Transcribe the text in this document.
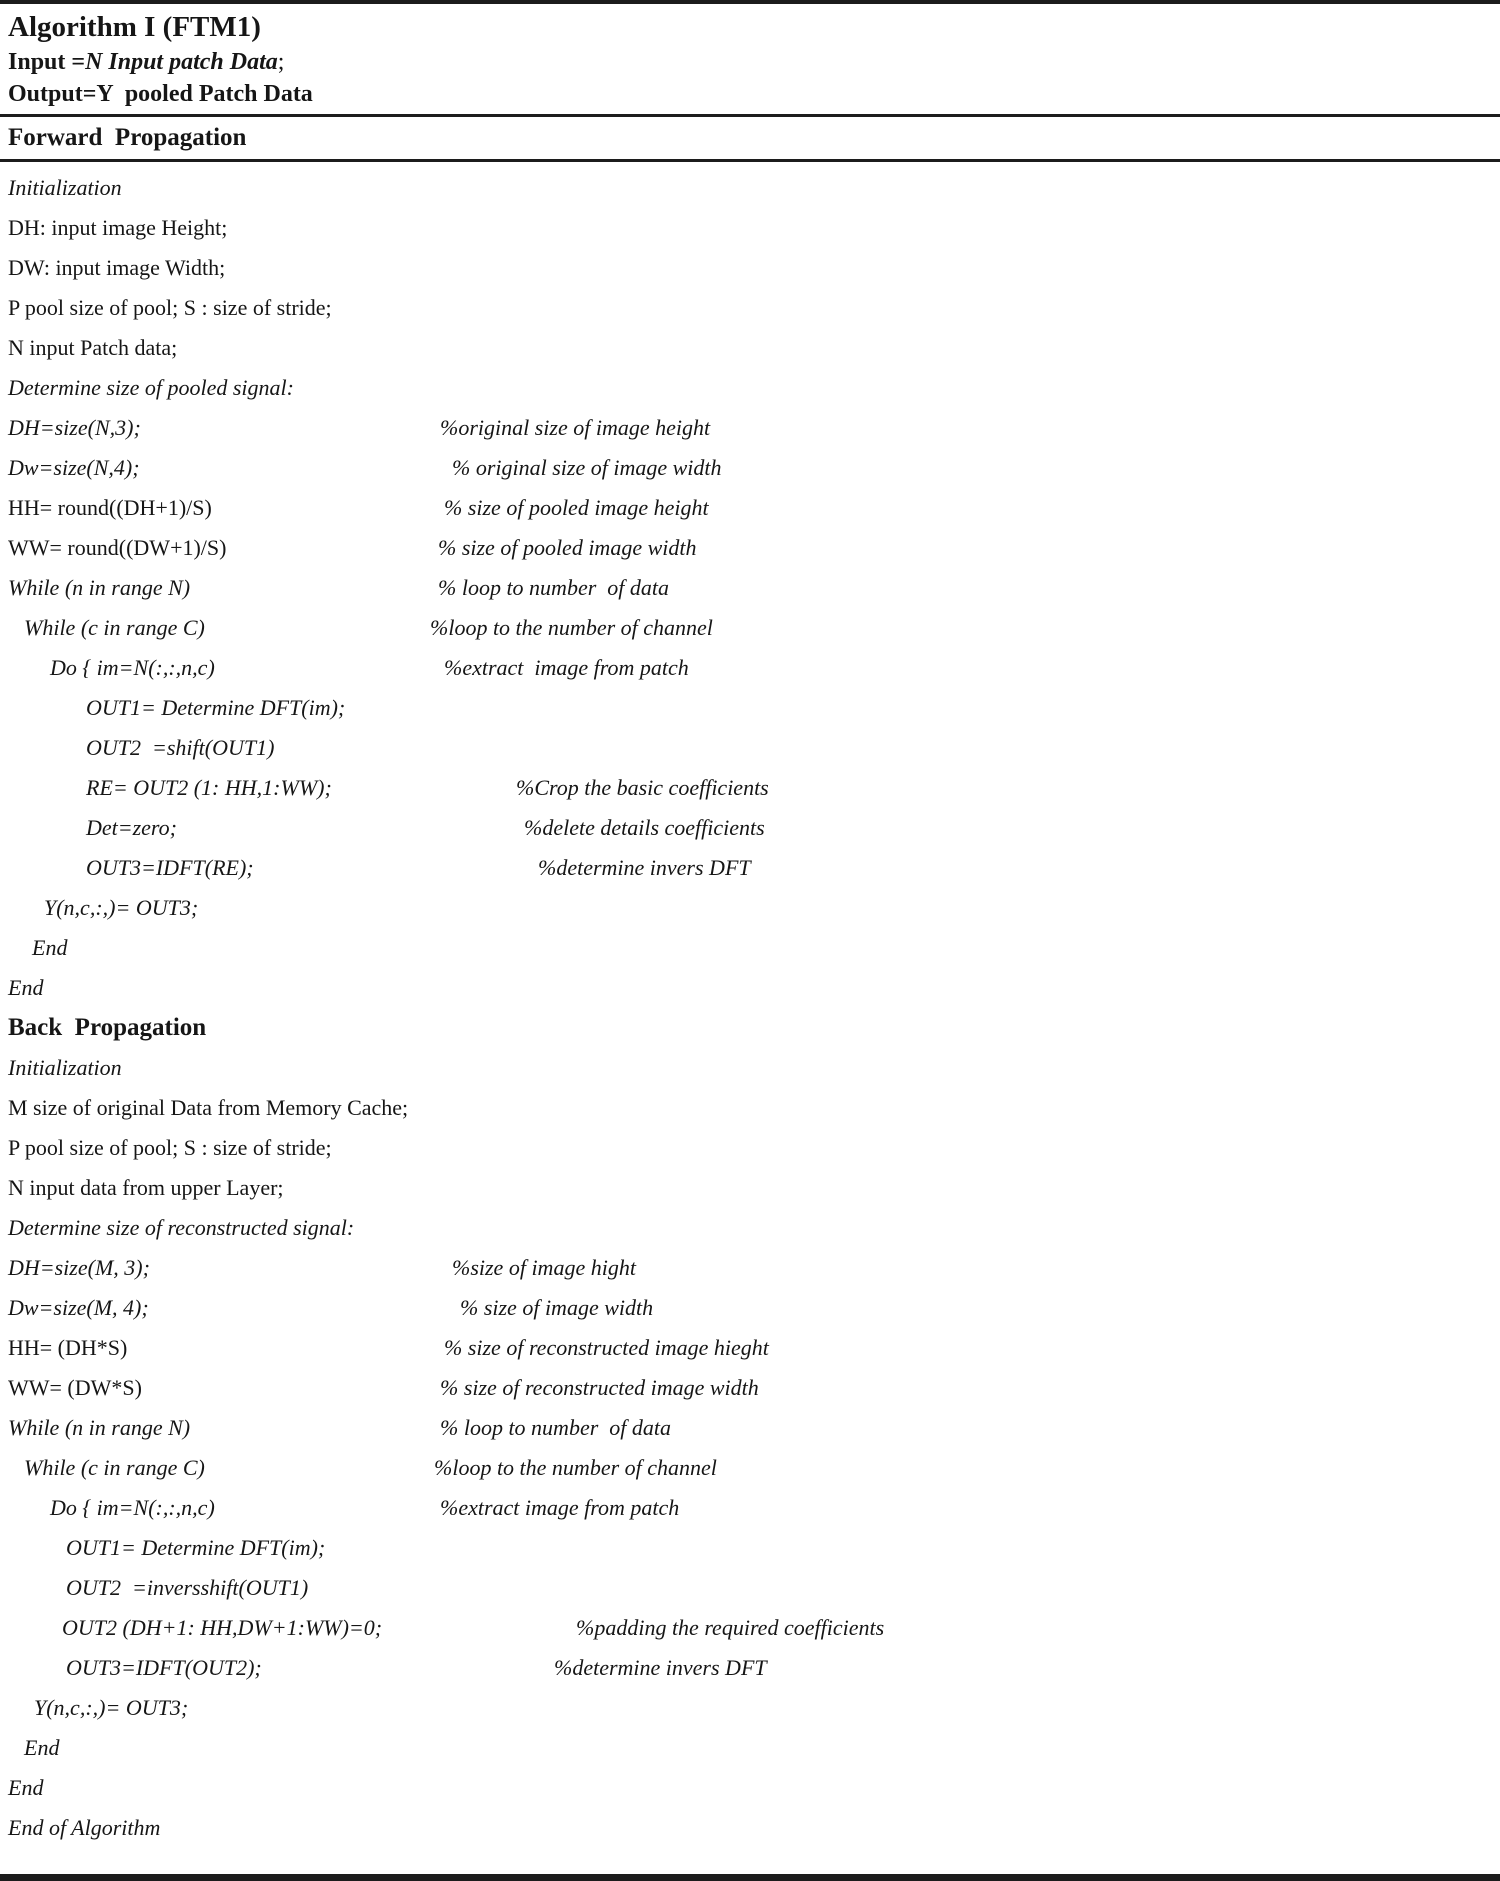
Algorithm I (FTM1)
Input =N Input patch Data;
Output=Y  pooled Patch Data
Forward  Propagation
Initialization
DH: input image Height;
DW: input image Width;
P pool size of pool; S : size of stride;
N input Patch data;
Determine size of pooled signal:
DH=size(N,3);	%original size of image height
Dw=size(N,4);	% original size of image width
HH= round((DH+1)/S)	% size of pooled image height
WW= round((DW+1)/S)	% size of pooled image width
While (n in range N)	% loop to number  of data
While (c in range C)	%loop to the number of channel
Do { im=N(:,:,n,c)	%extract  image from patch
OUT1= Determine DFT(im);
OUT2  =shift(OUT1)
RE= OUT2 (1: HH,1:WW);	%Crop the basic coefficients
Det=zero;	%delete details coefficients
OUT3=IDFT(RE);	%determine invers DFT
Y(n,c,:,)= OUT3;
End
End
Back  Propagation
Initialization
M size of original Data from Memory Cache;
P pool size of pool; S : size of stride;
N input data from upper Layer;
Determine size of reconstructed signal:
DH=size(M, 3);	%size of image hight
Dw=size(M, 4);	% size of image width
HH= (DH*S)	% size of reconstructed image hieght
WW= (DW*S)	% size of reconstructed image width
While (n in range N)	% loop to number  of data
While (c in range C)	%loop to the number of channel
Do { im=N(:,:,n,c)	%extract image from patch
OUT1= Determine DFT(im);
OUT2  =inversshift(OUT1)
OUT2 (DH+1: HH,DW+1:WW)=0;	%padding the required coefficients
OUT3=IDFT(OUT2);	%determine invers DFT
Y(n,c,:,)= OUT3;
End
End
End of Algorithm
